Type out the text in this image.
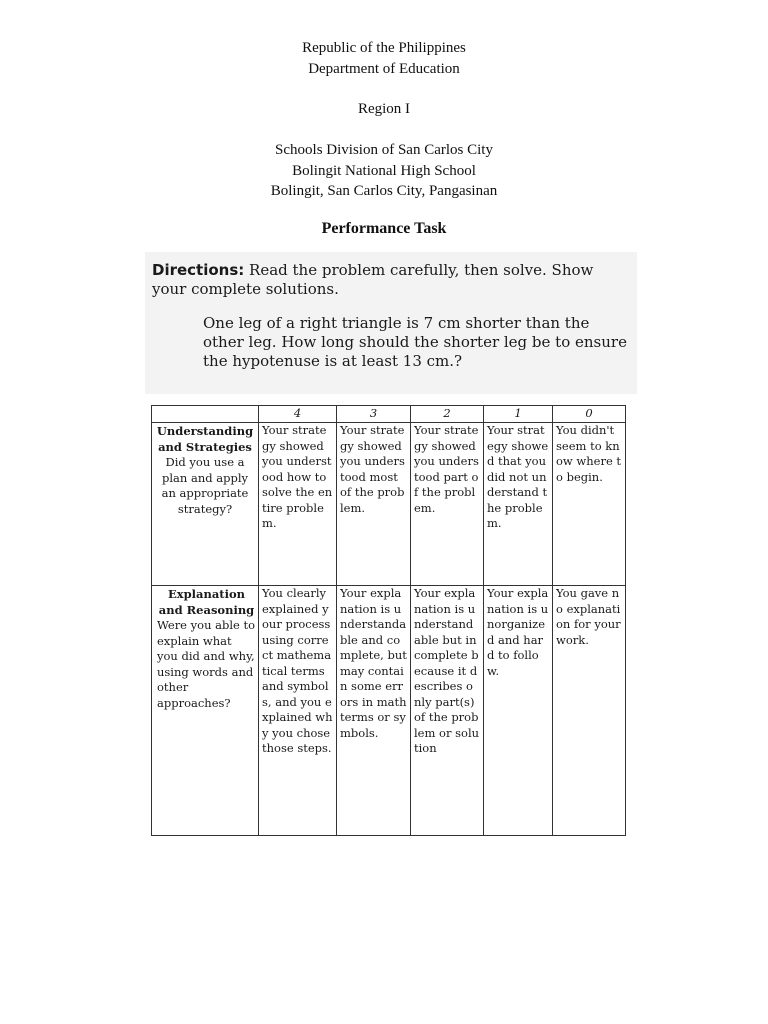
Republic of the Philippines
Department of Education
Region I
Schools Division of San Carlos City
Bolingit National High School
Bolingit, San Carlos City, Pangasinan
Performance Task
Directions: Read the problem carefully, then solve. Show your complete solutions.
One leg of a right triangle is 7 cm shorter than the other leg. How long should the shorter leg be to ensure the hypotenuse is at least 13 cm.?
	4	3	2	1	0

Understanding and Strategies
Did you use a plan and apply an appropriate strategy?	Your strategy showed you understood how to solve the entire problem.	Your strategy showed you understood most of the problem.	Your strategy showed you understood part of the problem.	Your strategy showed that you did not understand the problem.	You didn't seem to know where to begin.

Explanation and Reasoning
Were you able to explain what you did and why, using words and other approaches?	You clearly explained your process using correct mathematical terms and symbols, and you explained why you chose those steps.	Your explanation is understandable and complete, but may contain some errors in math terms or symbols.	Your explanation is understandable but incomplete because it describes only part(s) of the problem or solution	Your explanation is unorganized and hard to follow.	You gave no explanation for your work.
